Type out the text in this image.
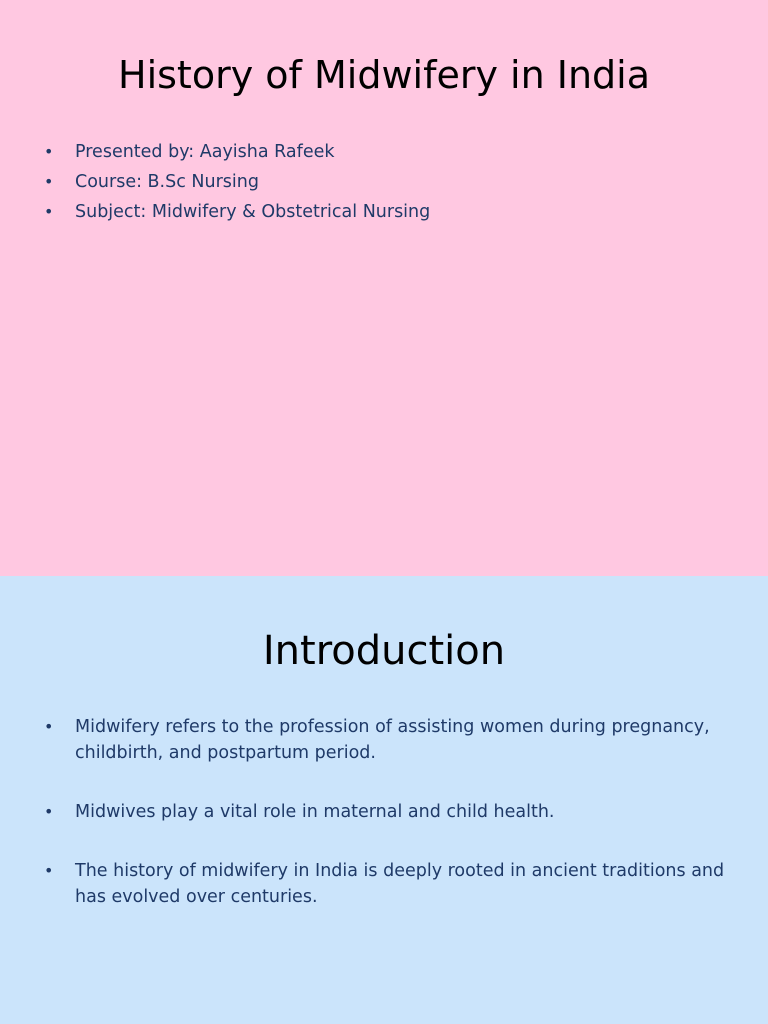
History of Midwifery in India
• Presented by: Aayisha Rafeek
• Course: B.Sc Nursing
• Subject: Midwifery & Obstetrical Nursing
Introduction
• Midwifery refers to the profession of assisting women during pregnancy, childbirth, and postpartum period.
• Midwives play a vital role in maternal and child health.
• The history of midwifery in India is deeply rooted in ancient traditions and has evolved over centuries.
